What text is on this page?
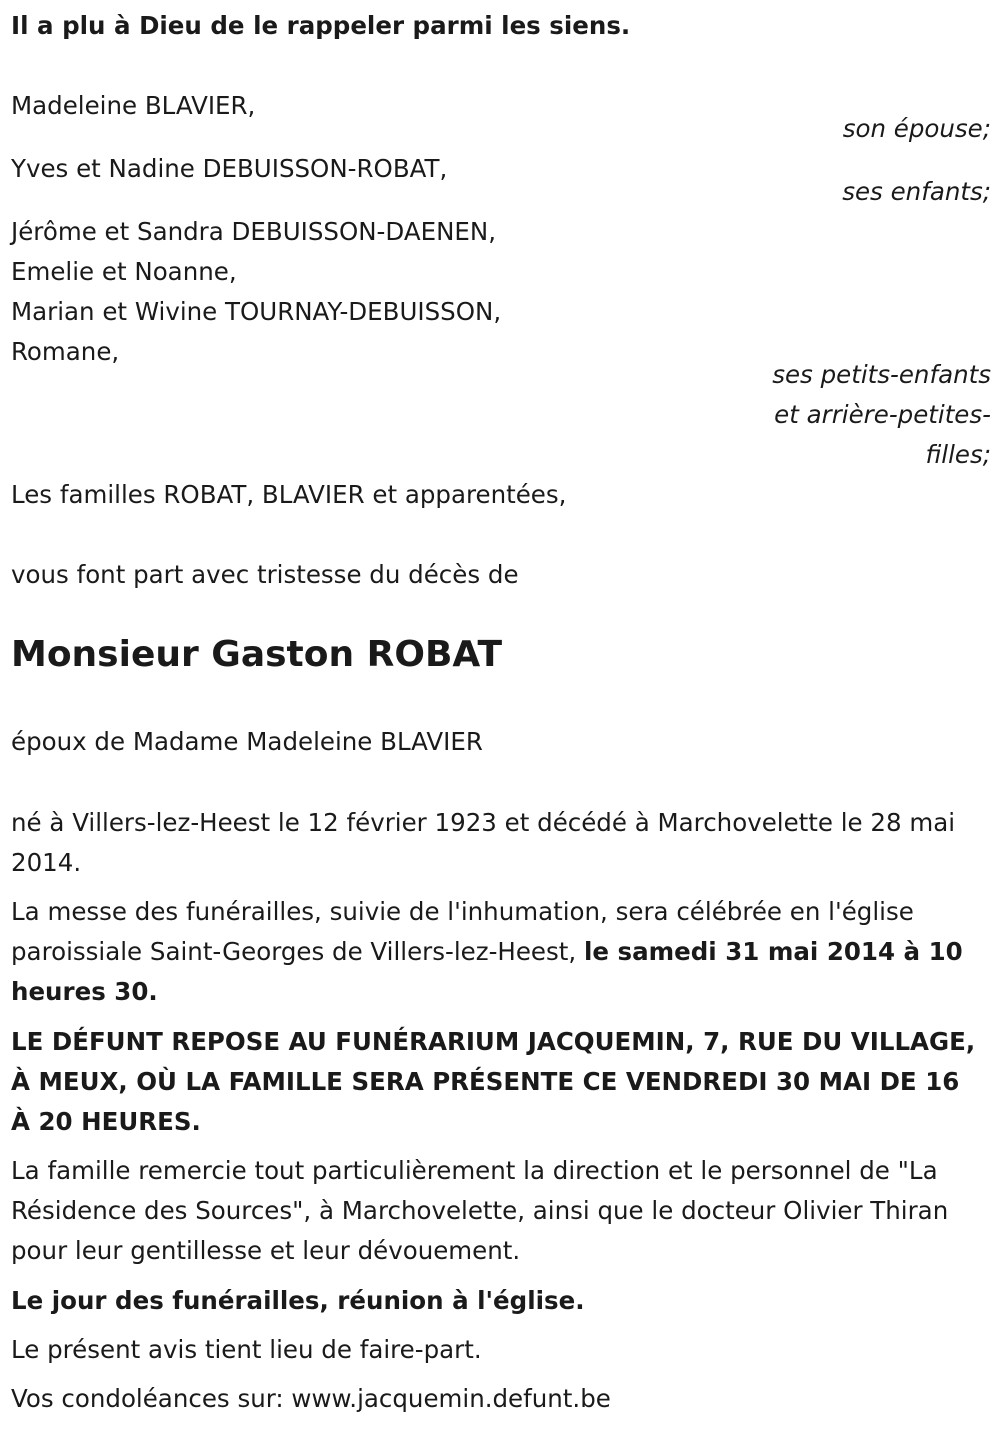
Il a plu à Dieu de le rappeler parmi les siens.
Madeleine BLAVIER,
son épouse;
Yves et Nadine DEBUISSON-ROBAT,
ses enfants;
Jérôme et Sandra DEBUISSON-DAENEN,
Emelie et Noanne,
Marian et Wivine TOURNAY-DEBUISSON,
Romane,
ses petits-enfants
et arrière-petites-
filles;
Les familles ROBAT, BLAVIER et apparentées,
vous font part avec tristesse du décès de
Monsieur Gaston ROBAT
époux de Madame Madeleine BLAVIER
né à Villers-lez-Heest le 12 février 1923 et décédé à Marchovelette le 28 mai 2014.
La messe des funérailles, suivie de l'inhumation, sera célébrée en l'église paroissiale Saint-Georges de Villers-lez-Heest, le samedi 31 mai 2014 à 10 heures 30.
LE DÉFUNT REPOSE AU FUNÉRARIUM JACQUEMIN, 7, RUE DU VILLAGE, À MEUX, OÙ LA FAMILLE SERA PRÉSENTE CE VENDREDI 30 MAI DE 16 À 20 HEURES.
La famille remercie tout particulièrement la direction et le personnel de "La Résidence des Sources", à Marchovelette, ainsi que le docteur Olivier Thiran pour leur gentillesse et leur dévouement.
Le jour des funérailles, réunion à l'église.
Le présent avis tient lieu de faire-part.
Vos condoléances sur: www.jacquemin.defunt.be
